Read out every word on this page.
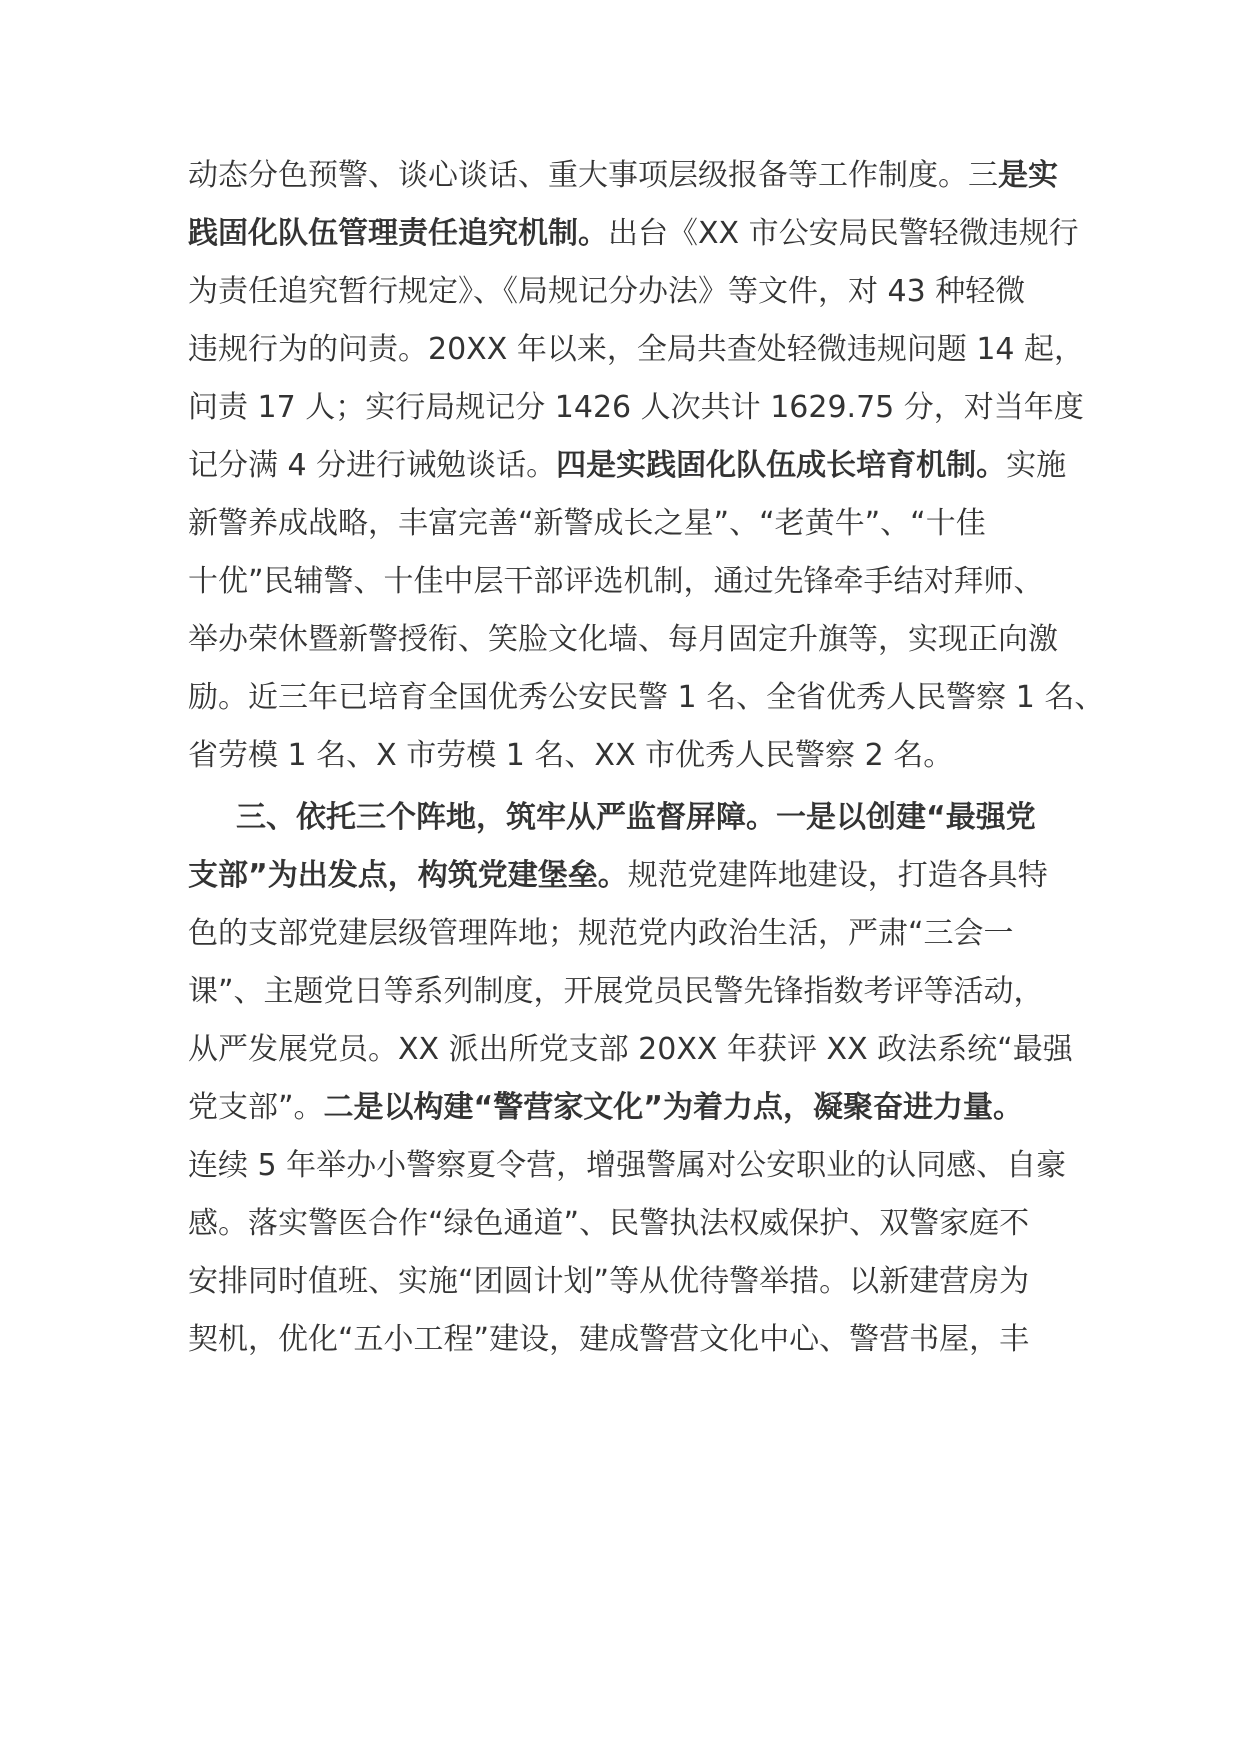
动态分色预警、谈心谈话、重大事项层级报备等工作制度。三是实
践固化队伍管理责任追究机制。出台《XX 市公安局民警轻微违规行
为责任追究暂行规定》、《局规记分办法》等文件，对 43 种轻微
违规行为的问责。20XX 年以来，全局共查处轻微违规问题 14 起，
问责 17 人；实行局规记分 1426 人次共计 1629.75 分，对当年度
记分满 4 分进行诫勉谈话。四是实践固化队伍成长培育机制。实施
新警养成战略，丰富完善“新警成长之星”、“老黄牛”、“十佳
十优”民辅警、十佳中层干部评选机制，通过先锋牵手结对拜师、
举办荣休暨新警授衔、笑脸文化墙、每月固定升旗等，实现正向激
励。近三年已培育全国优秀公安民警 1 名、全省优秀人民警察 1 名、
省劳模 1 名、X 市劳模 1 名、XX 市优秀人民警察 2 名。
三、依托三个阵地，筑牢从严监督屏障。一是以创建“最强党
支部”为出发点，构筑党建堡垒。规范党建阵地建设，打造各具特
色的支部党建层级管理阵地；规范党内政治生活，严肃“三会一
课”、主题党日等系列制度，开展党员民警先锋指数考评等活动，
从严发展党员。XX 派出所党支部 20XX 年获评 XX 政法系统“最强
党支部”。二是以构建“警营家文化”为着力点，凝聚奋进力量。
连续 5 年举办小警察夏令营，增强警属对公安职业的认同感、自豪
感。落实警医合作“绿色通道”、民警执法权威保护、双警家庭不
安排同时值班、实施“团圆计划”等从优待警举措。以新建营房为
契机，优化“五小工程”建设，建成警营文化中心、警营书屋，丰
